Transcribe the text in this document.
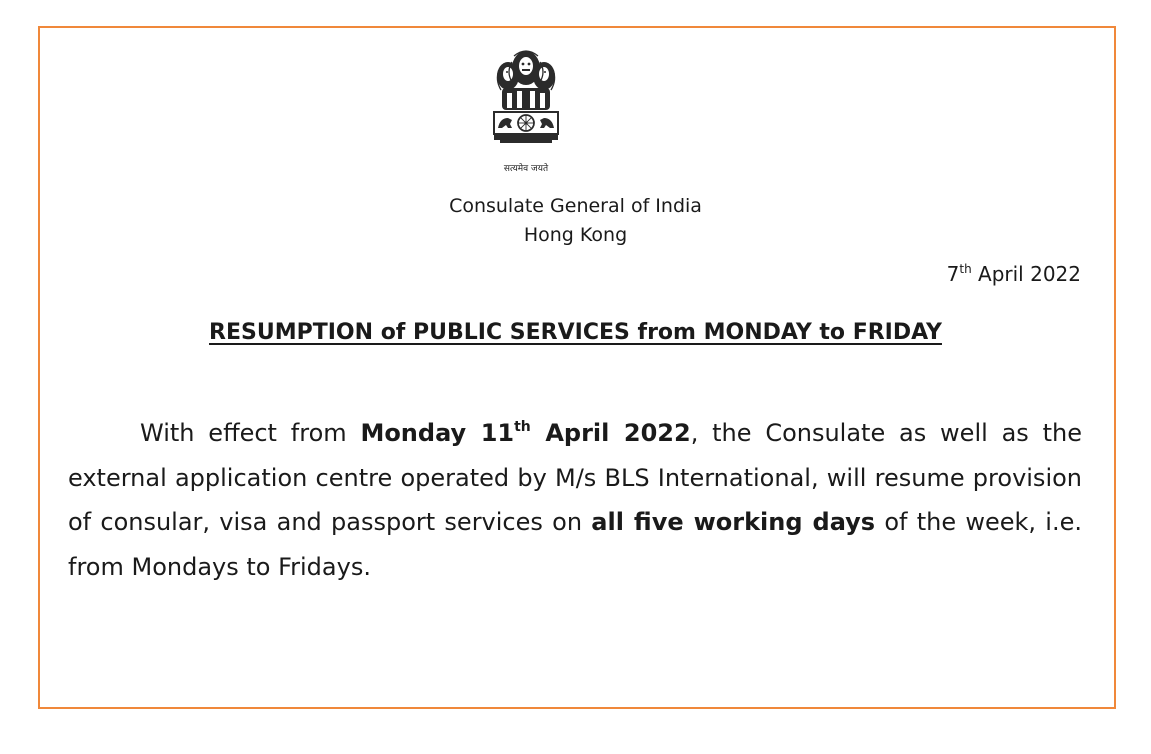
सत्यमेव जयते
Consulate General of India
Hong Kong
7th April 2022
RESUMPTION of PUBLIC SERVICES from MONDAY to FRIDAY

With effect from Monday 11th April 2022, the Consulate as well as the external application centre operated by M/s BLS International, will resume provision of consular, visa and passport services on all five working days of the week, i.e. from Mondays to Fridays.
